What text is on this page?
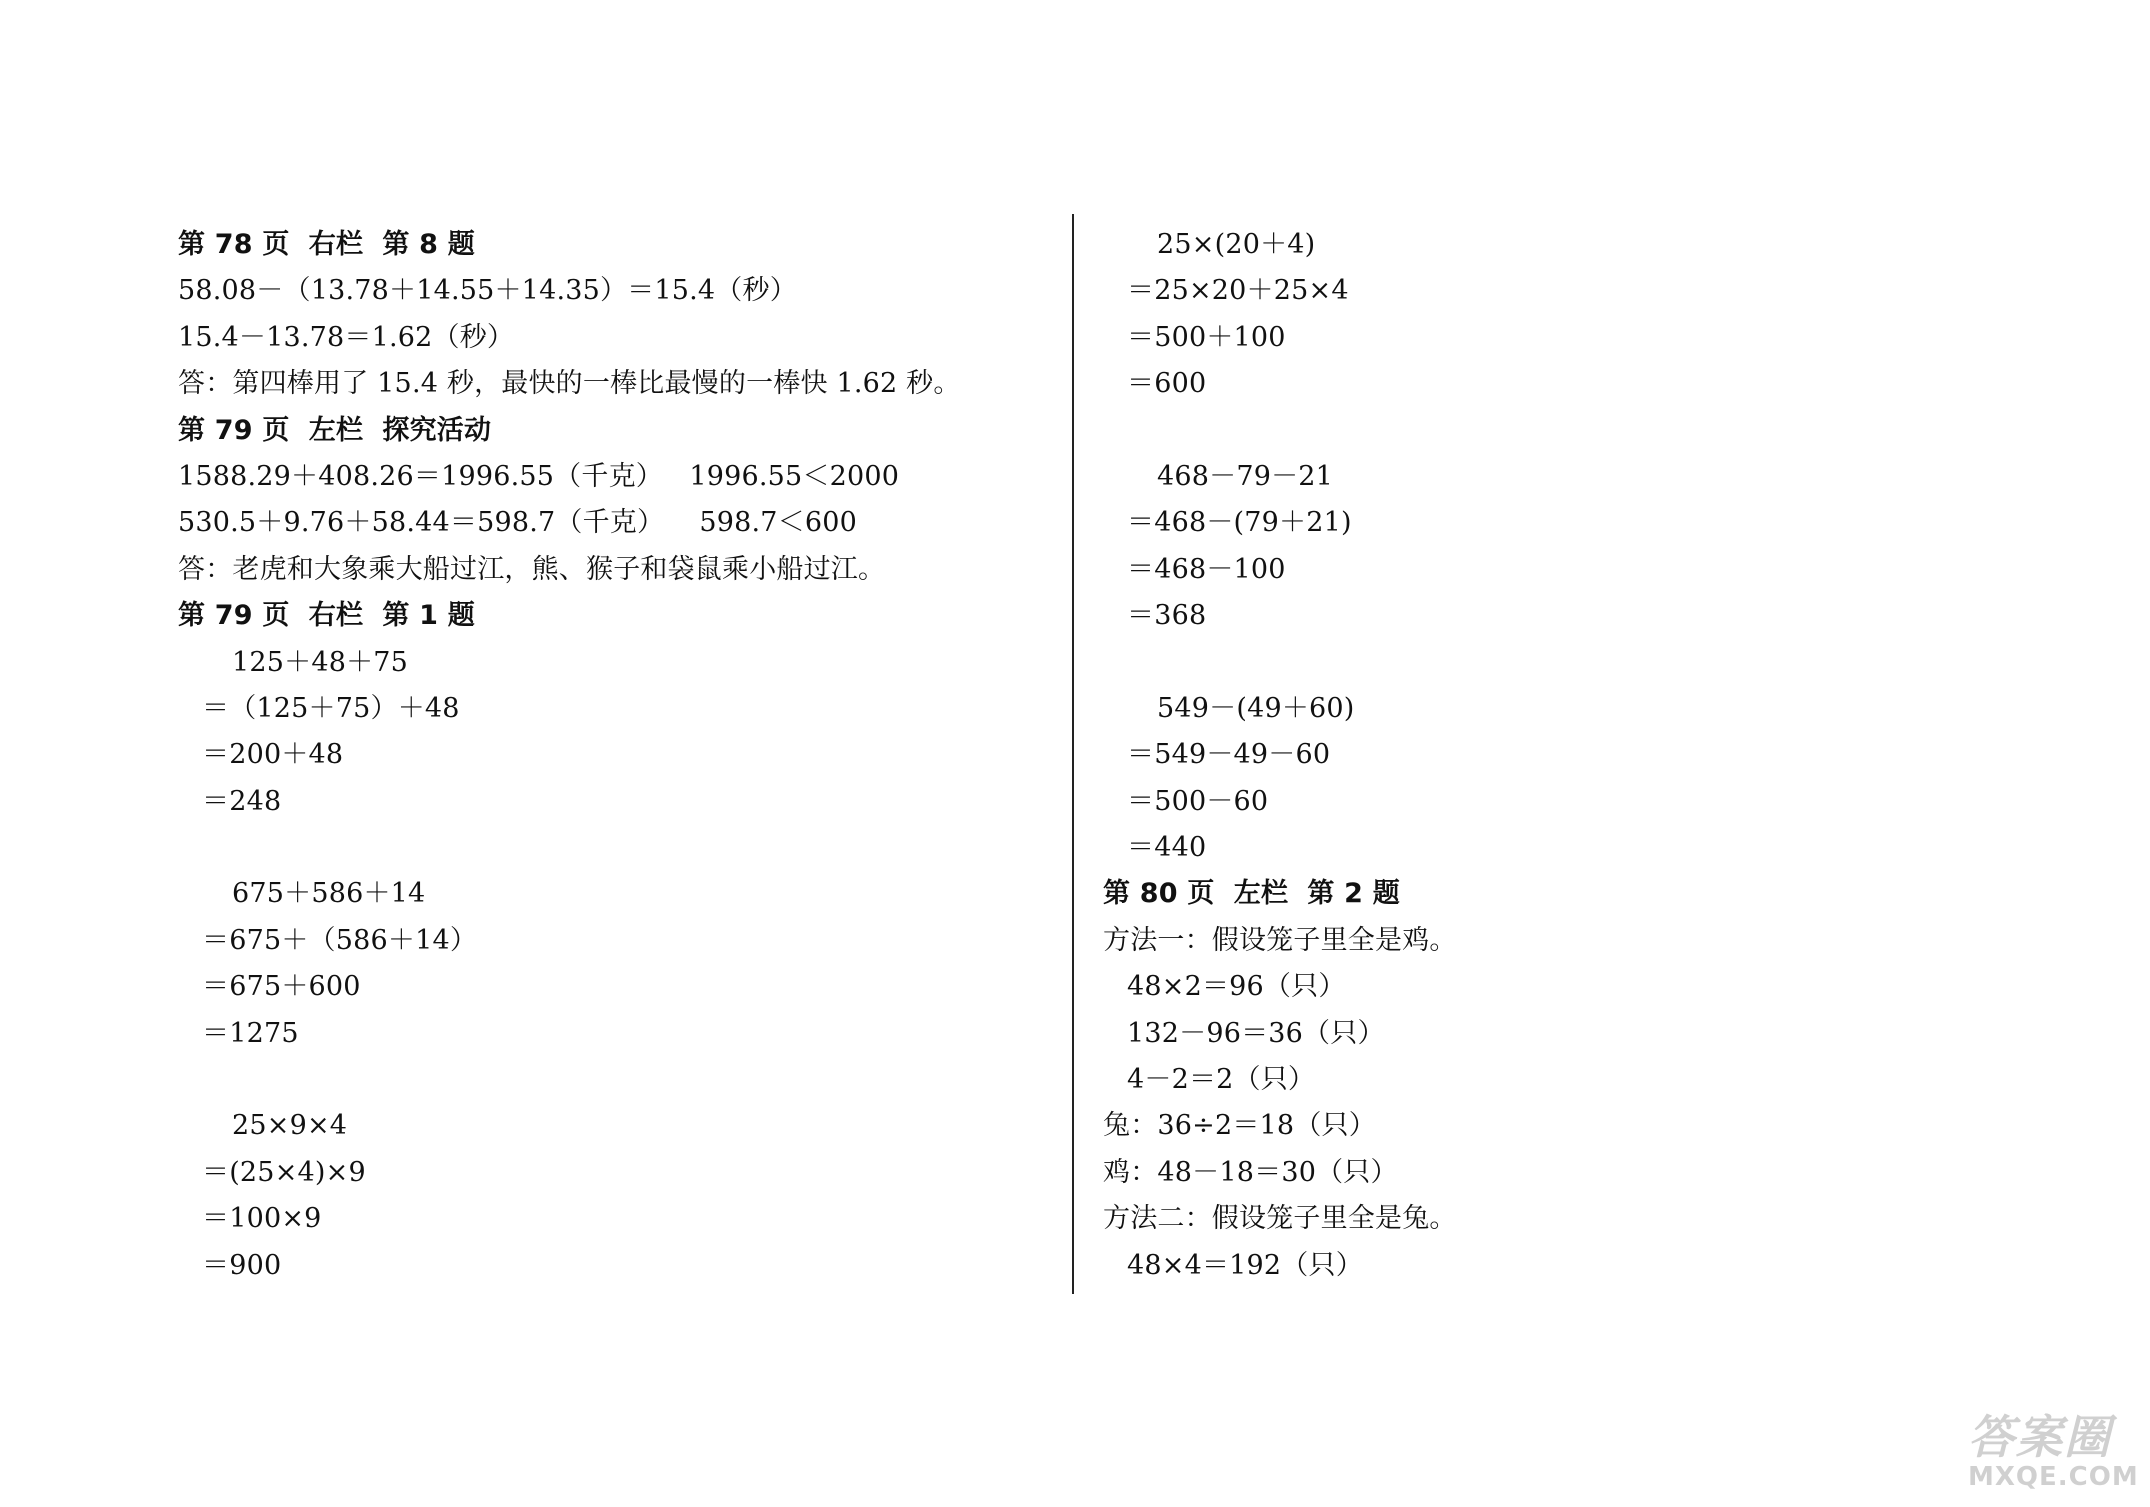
第 78 页  右栏  第 8 题
58.08－（13.78＋14.55＋14.35）＝15.4（秒）
15.4－13.78＝1.62（秒）
答：第四棒用了 15.4 秒，最快的一棒比最慢的一棒快 1.62 秒。
第 79 页  左栏  探究活动
1588.29＋408.26＝1996.55（千克）   1996.55＜2000
530.5＋9.76＋58.44＝598.7（千克）    598.7＜600
答：老虎和大象乘大船过江，熊、猴子和袋鼠乘小船过江。
第 79 页  右栏  第 1 题
125＋48＋75
＝（125＋75）＋48
＝200＋48
＝248
675＋586＋14
＝675＋（586＋14）
＝675＋600
＝1275
25×9×4
＝(25×4)×9
＝100×9
＝900
25×(20＋4)
＝25×20＋25×4
＝500＋100
＝600
468－79－21
＝468－(79＋21)
＝468－100
＝368
549－(49＋60)
＝549－49－60
＝500－60
＝440
第 80 页  左栏  第 2 题
方法一：假设笼子里全是鸡。
48×2＝96（只）
132－96＝36（只）
4－2＝2（只）
兔：36÷2＝18（只）
鸡：48－18＝30（只）
方法二：假设笼子里全是兔。
48×4＝192（只）
答案圈
MXQE.COM
